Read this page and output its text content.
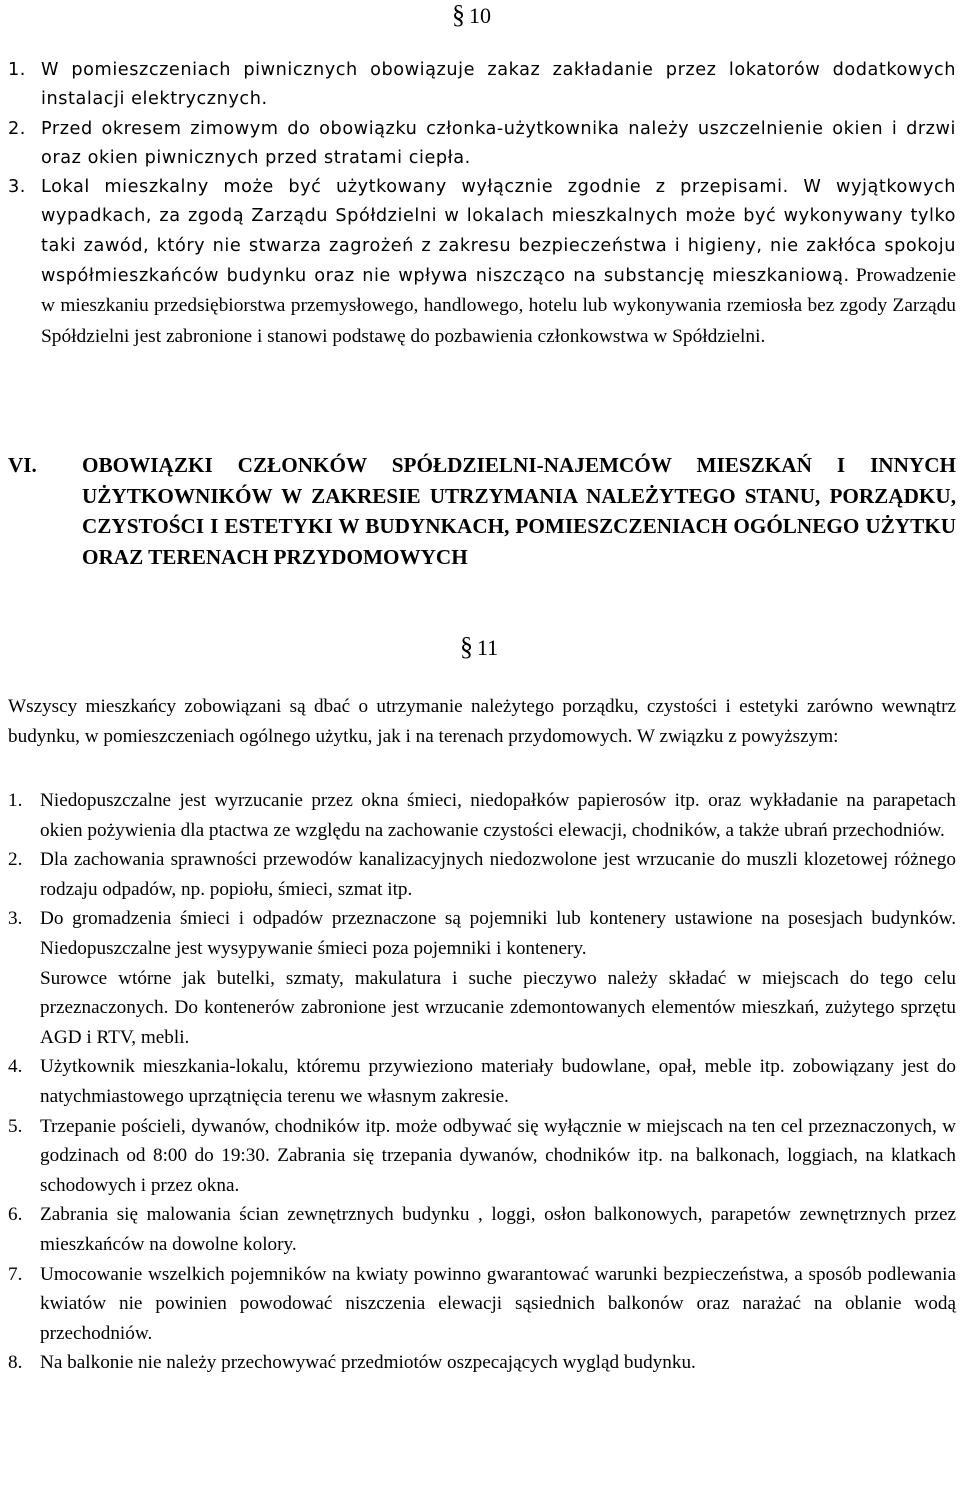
§ 10
1. W pomieszczeniach piwnicznych obowiązuje zakaz zakładanie przez lokatorów dodatkowych instalacji elektrycznych.
2. Przed okresem zimowym do obowiązku członka-użytkownika należy uszczelnienie okien i drzwi oraz okien piwnicznych przed stratami ciepła.
3. Lokal mieszkalny może być użytkowany wyłącznie zgodnie z przepisami. W wyjątkowych wypadkach, za zgodą Zarządu Spółdzielni w lokalach mieszkalnych może być wykonywany tylko taki zawód, który nie stwarza zagrożeń z zakresu bezpieczeństwa i higieny, nie zakłóca spokoju współmieszkańców budynku oraz nie wpływa niszcząco na substancję mieszkaniową. Prowadzenie w mieszkaniu przedsiębiorstwa przemysłowego, handlowego, hotelu lub wykonywania rzemiosła bez zgody Zarządu Spółdzielni jest zabronione i stanowi podstawę do pozbawienia członkowstwa w Spółdzielni.
VI.	OBOWIĄZKI CZŁONKÓW SPÓŁDZIELNI-NAJEMCÓW MIESZKAŃ I INNYCH UŻYTKOWNIKÓW W ZAKRESIE UTRZYMANIA NALEŻYTEGO STANU, PORZĄDKU, CZYSTOŚCI I ESTETYKI W BUDYNKACH, POMIESZCZENIACH OGÓLNEGO UŻYTKU ORAZ TERENACH PRZYDOMOWYCH
§ 11
Wszyscy mieszkańcy zobowiązani są dbać o utrzymanie należytego porządku, czystości i estetyki zarówno wewnątrz budynku, w pomieszczeniach ogólnego użytku, jak i na terenach przydomowych. W związku z powyższym:
1. Niedopuszczalne jest wyrzucanie przez okna śmieci, niedopałków papierosów itp. oraz wykładanie na parapetach okien pożywienia dla ptactwa ze względu na zachowanie czystości elewacji, chodników, a także ubrań przechodniów.
2. Dla zachowania sprawności przewodów kanalizacyjnych niedozwolone jest wrzucanie do muszli klozetowej różnego rodzaju odpadów, np. popiołu, śmieci, szmat itp.
3. Do gromadzenia śmieci i odpadów przeznaczone są pojemniki lub kontenery ustawione na posesjach budynków. Niedopuszczalne jest wysypywanie śmieci poza pojemniki i kontenery.
Surowce wtórne jak butelki, szmaty, makulatura i suche pieczywo należy składać w miejscach do tego celu przeznaczonych. Do kontenerów zabronione jest wrzucanie zdemontowanych elementów mieszkań, zużytego sprzętu AGD i RTV, mebli.
4. Użytkownik mieszkania-lokalu, któremu przywieziono materiały budowlane, opał, meble itp. zobowiązany jest do natychmiastowego uprzątnięcia terenu we własnym zakresie.
5. Trzepanie pościeli, dywanów, chodników itp. może odbywać się wyłącznie w miejscach na ten cel przeznaczonych, w godzinach od 8:00 do 19:30. Zabrania się trzepania dywanów, chodników itp. na balkonach, loggiach, na klatkach schodowych i przez okna.
6. Zabrania się malowania ścian zewnętrznych budynku , loggi, osłon balkonowych, parapetów zewnętrznych przez mieszkańców na dowolne kolory.
7. Umocowanie wszelkich pojemników na kwiaty powinno gwarantować warunki bezpieczeństwa, a sposób podlewania kwiatów nie powinien powodować niszczenia elewacji sąsiednich balkonów oraz narażać na oblanie wodą przechodniów.
8. Na balkonie nie należy przechowywać przedmiotów oszpecających wygląd budynku.
